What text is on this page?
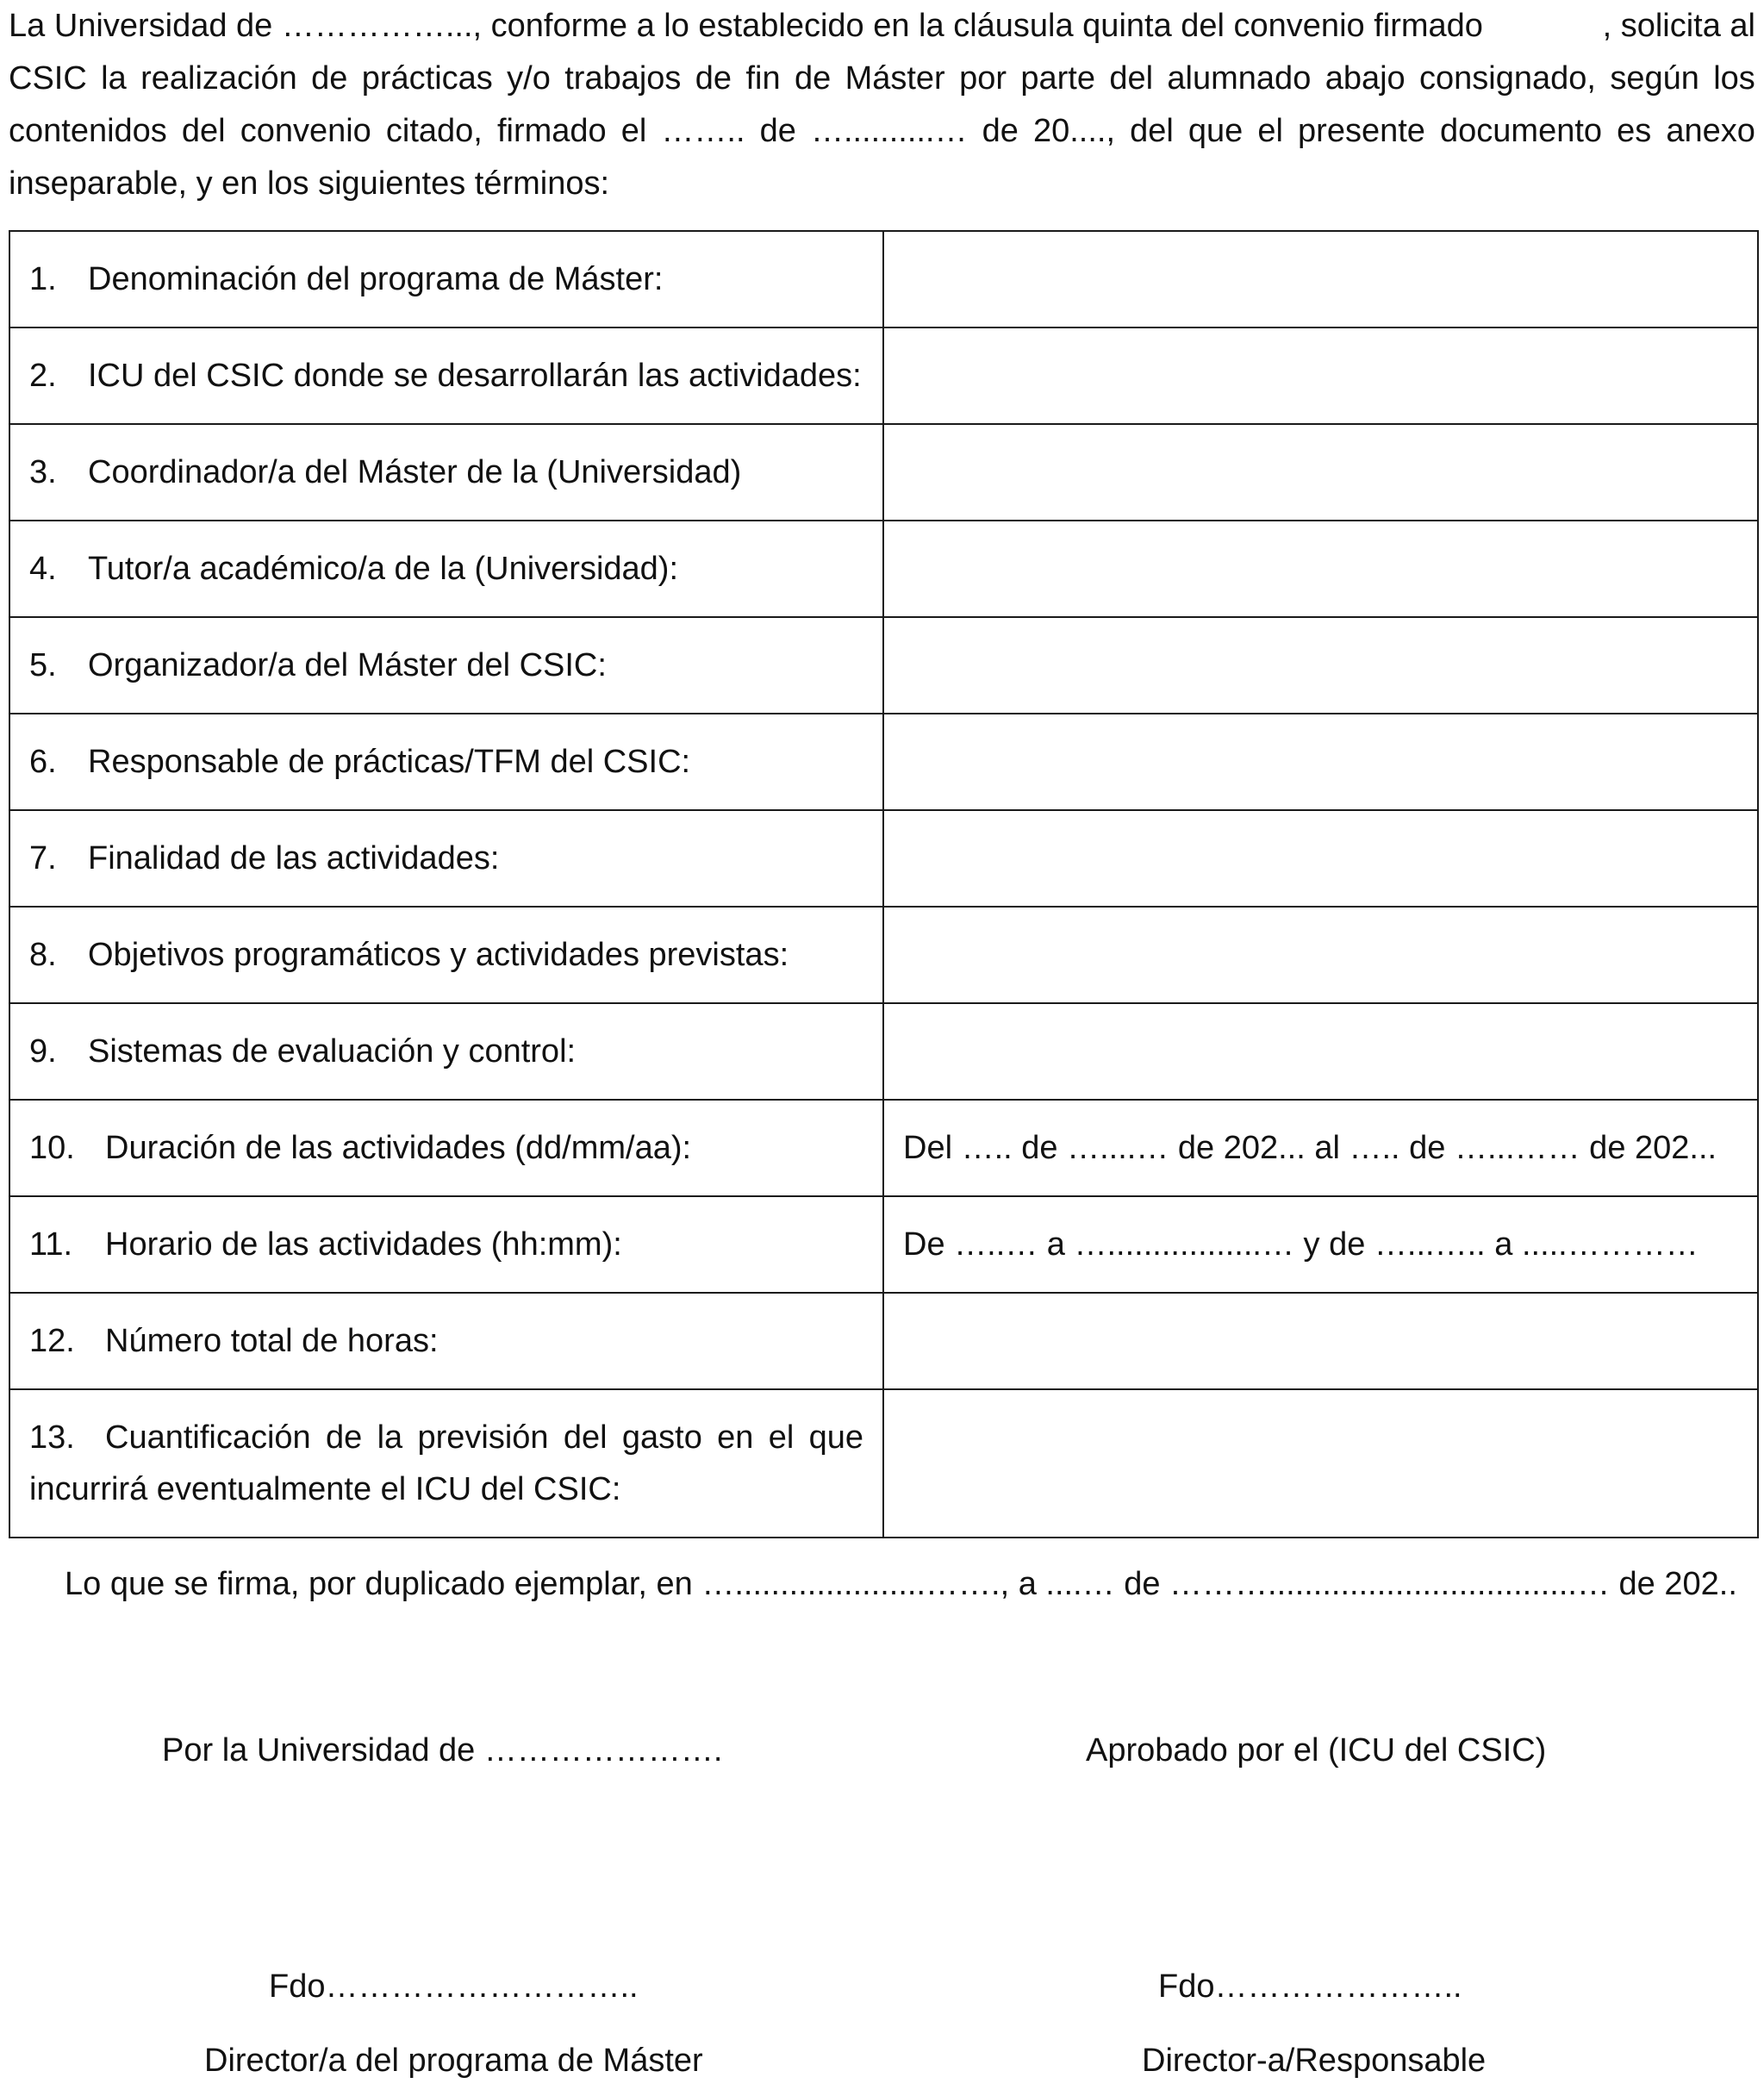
La Universidad de ……………..., conforme a lo establecido en la cláusula quinta del convenio firmado	, solicita al
CSIC la realización de prácticas y/o trabajos de fin de Máster por parte del alumnado abajo consignado, según los
contenidos del convenio citado, firmado el …….. de …..........… de 20...., del que el presente documento es anexo
inseparable, y en los siguientes términos:
1. Denominación del programa de Máster:	
2. ICU del CSIC donde se desarrollarán las actividades:	
3. Coordinador/a del Máster de la (Universidad)	
4. Tutor/a académico/a de la (Universidad):	
5. Organizador/a del Máster del CSIC:	
6. Responsable de prácticas/TFM del CSIC:	
7. Finalidad de las actividades:	
8. Objetivos programáticos y actividades previstas:	
9. Sistemas de evaluación y control:	
10. Duración de las actividades (dd/mm/aa):	Del ….. de …....… de 202... al ….. de …...…… de 202...
11. Horario de las actividades (hh:mm):	De …..… a ….................… y de …...….. a .....…………
12. Número total de horas:	
13. Cuantificación de la previsión del gasto en el que incurrirá eventualmente el ICU del CSIC:	
Lo que se firma, por duplicado ejemplar, en ….....................……., a ....… de ………..................................… de 202..
Por la Universidad de ………………….	Aprobado por el (ICU del CSIC)
Fdo………………………..	Fdo…………………..
Director/a del programa de Máster	Director-a/Responsable
